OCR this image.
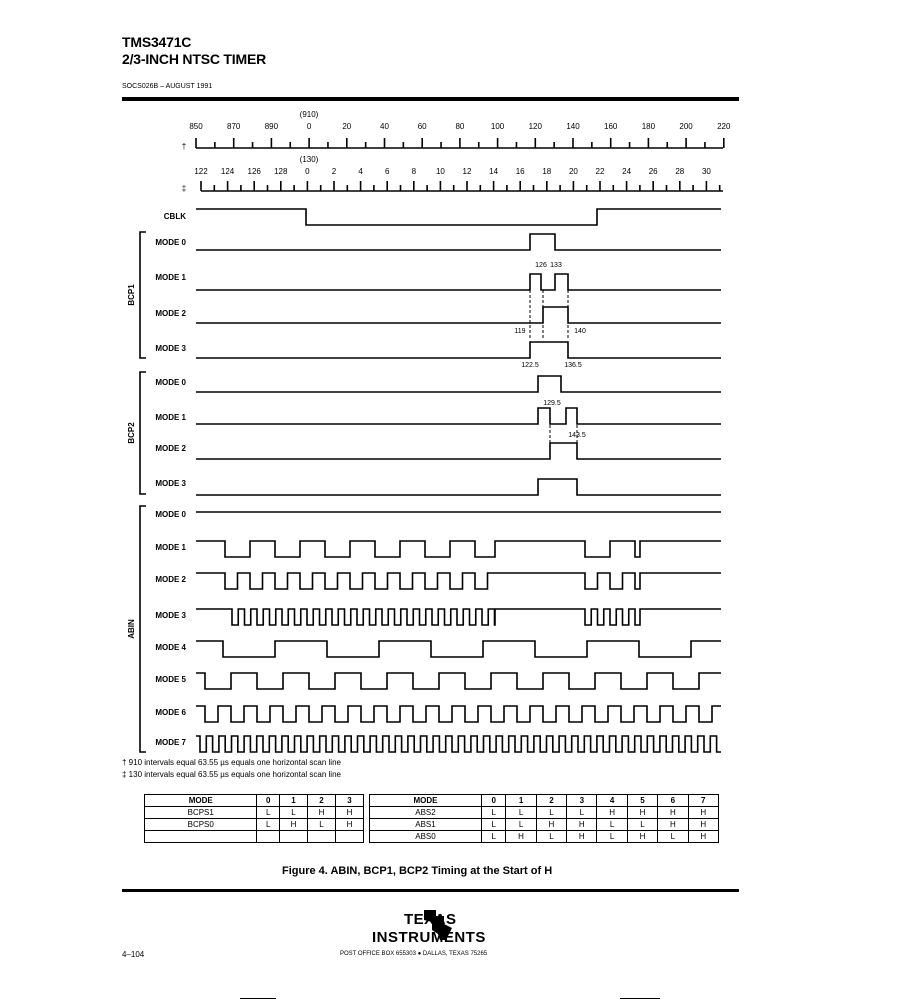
TMS3471C
2/3-INCH NTSC TIMER
SOCS026B – AUGUST 1991
850	870	890	0	20	40	60	80	100	120	140	160	180	200	220
(910)
†
122 124 126 128 0	2	4	6	8 10 12 14 16 18 20 22 24 26 28 30
(130)
‡
CBLK
BCP1
MODE 0
MODE 1
MODE 2
MODE 3
BCP2
MODE 0
MODE 1
MODE 2
MODE 3
ABIN
MODE 0
MODE 1
MODE 2
MODE 3
MODE 4
MODE 5
MODE 6
MODE 7
126 133
119	140
122.5	136.5
129.5
143.5
† 910 intervals equal 63.55 µs equals one horizontal scan line
‡ 130 intervals equal 63.55 µs equals one horizontal scan line
MODE	0	1	2	3
BCPS1	L	L	H	H
BCPS0	L	H	L	H

MODE	0	1	2	3	4	5	6	7
ABS2	L	L	L	L	H	H	H	H
ABS1	L	L	H	H	L	L	H	H
ABS0	L	H	L	H	L	H	L	H
Figure 4. ABIN, BCP1, BCP2 Timing at the Start of H
TEXAS
INSTRUMENTS
POST OFFICE BOX 655303 ● DALLAS, TEXAS 75265
4–104
